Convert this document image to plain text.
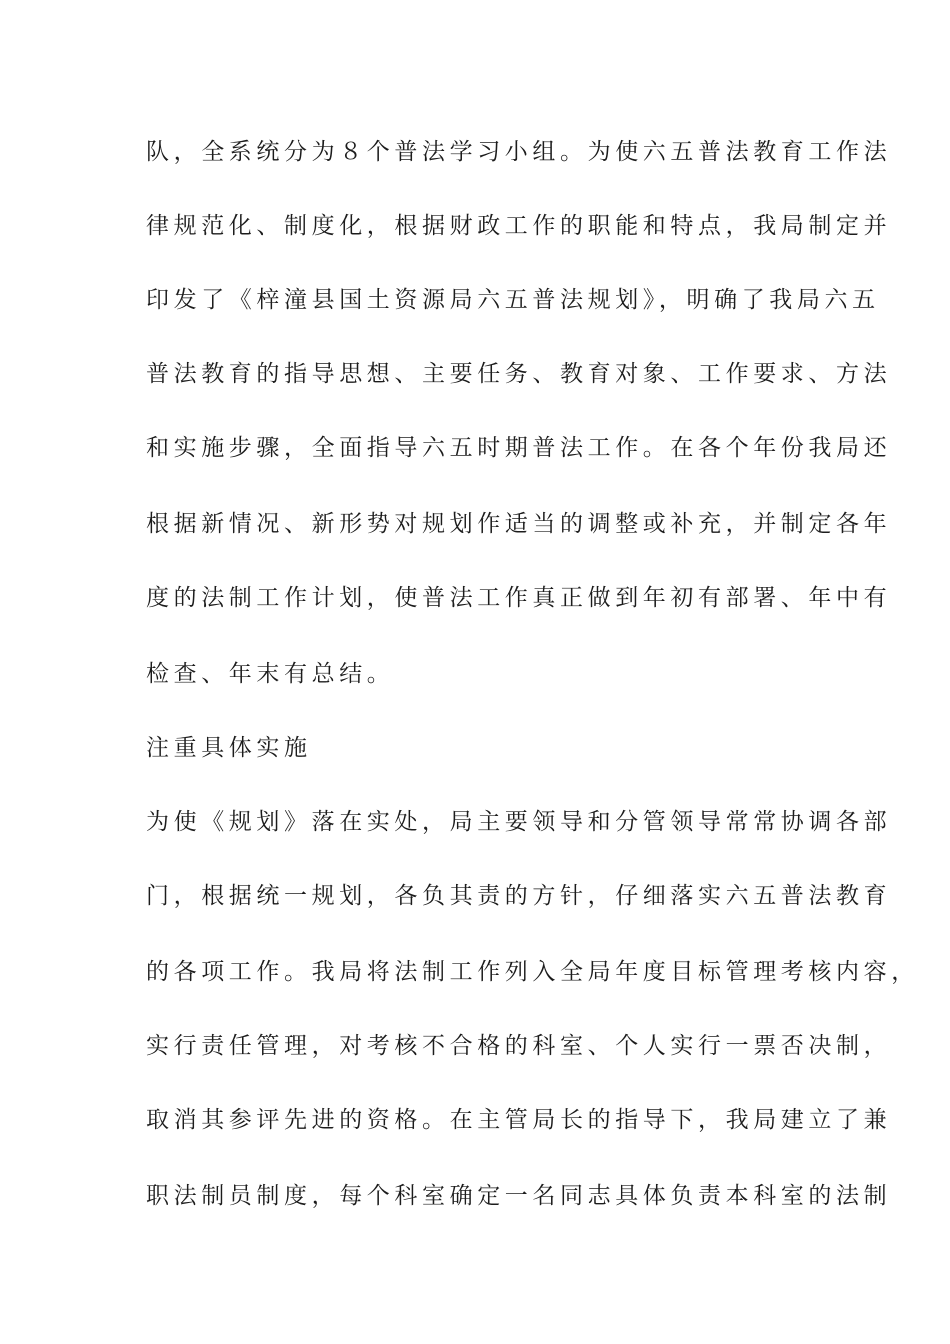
队，全系统分为８个普法学习小组。为使六五普法教育工作法
律规范化、制度化，根据财政工作的职能和特点，我局制定并
印发了《梓潼县国土资源局六五普法规划》，明确了我局六五
普法教育的指导思想、主要任务、教育对象、工作要求、方法
和实施步骤，全面指导六五时期普法工作。在各个年份我局还
根据新情况、新形势对规划作适当的调整或补充，并制定各年
度的法制工作计划，使普法工作真正做到年初有部署、年中有
检查、年末有总结。
注重具体实施
为使《规划》落在实处，局主要领导和分管领导常常协调各部
门，根据统一规划，各负其责的方针，仔细落实六五普法教育
的各项工作。我局将法制工作列入全局年度目标管理考核内容，
实行责任管理，对考核不合格的科室、个人实行一票否决制，
取消其参评先进的资格。在主管局长的指导下，我局建立了兼
职法制员制度，每个科室确定一名同志具体负责本科室的法制
